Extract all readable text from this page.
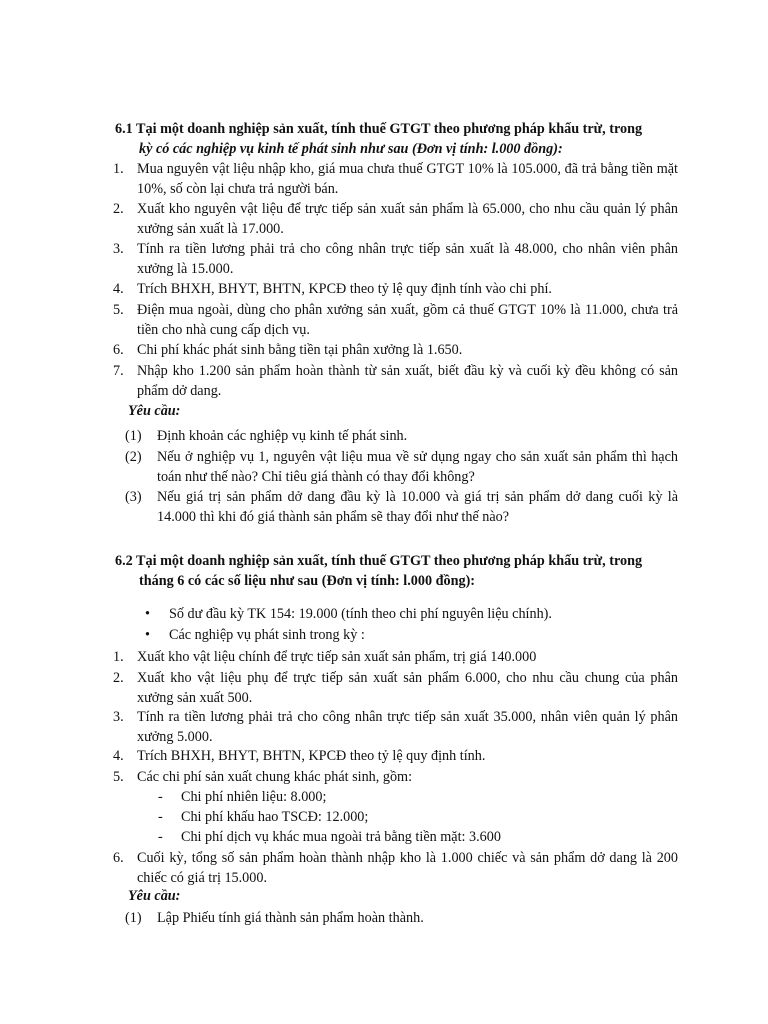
6.1 Tại một doanh nghiệp sản xuất, tính thuế GTGT theo phương pháp khấu trừ, trong
kỳ có các nghiệp vụ kinh tế phát sinh như sau (Đơn vị tính: l.000 đồng):
1. Mua nguyên vật liệu nhập kho, giá mua chưa thuế GTGT 10% là 105.000, đã trả bằng tiền mặt 10%, số còn lại chưa trả người bán.
2. Xuất kho nguyên vật liệu để trực tiếp sản xuất sản phẩm là 65.000, cho nhu cầu quản lý phân xưởng sản xuất là 17.000.
3. Tính ra tiền lương phải trả cho công nhân trực tiếp sản xuất là 48.000, cho nhân viên phân xưởng là 15.000.
4. Trích BHXH, BHYT, BHTN, KPCĐ theo tỷ lệ quy định tính vào chi phí.
5. Điện mua ngoài, dùng cho phân xưởng sản xuất, gồm cả thuế GTGT 10% là 11.000, chưa trả tiền cho nhà cung cấp dịch vụ.
6. Chi phí khác phát sinh bằng tiền tại phân xưởng là 1.650.
7. Nhập kho 1.200 sản phẩm hoàn thành từ sản xuất, biết đầu kỳ và cuối kỳ đều không có sản phẩm dở dang.
Yêu cầu:
(1) Định khoản các nghiệp vụ kinh tế phát sinh.
(2) Nếu ở nghiệp vụ 1, nguyên vật liệu mua về sử dụng ngay cho sản xuất sản phẩm thì hạch toán như thế nào? Chỉ tiêu giá thành có thay đổi không?
(3) Nếu giá trị sản phẩm dở dang đầu kỳ là 10.000 và giá trị sản phẩm dở dang cuối kỳ là 14.000 thì khi đó giá thành sản phẩm sẽ thay đổi như thế nào?
6.2 Tại một doanh nghiệp sản xuất, tính thuế GTGT theo phương pháp khấu trừ, trong
tháng 6 có các số liệu như sau (Đơn vị tính: l.000 đồng):
• Số dư đầu kỳ TK 154: 19.000 (tính theo chi phí nguyên liệu chính).
• Các nghiệp vụ phát sinh trong kỳ :
1. Xuất kho vật liệu chính để trực tiếp sản xuất sản phẩm, trị giá 140.000
2. Xuất kho vật liệu phụ để trực tiếp sản xuất sản phẩm 6.000, cho nhu cầu chung của phân xưởng sản xuất 500.
3. Tính ra tiền lương phải trả cho công nhân trực tiếp sản xuất 35.000, nhân viên quản lý phân xưởng 5.000.
4. Trích BHXH, BHYT, BHTN, KPCĐ theo tỷ lệ quy định tính.
5. Các chi phí sản xuất chung khác phát sinh, gồm:
- Chi phí nhiên liệu: 8.000;
- Chi phí khấu hao TSCĐ: 12.000;
- Chi phí dịch vụ khác mua ngoài trả bằng tiền mặt: 3.600
6. Cuối kỳ, tổng số sản phẩm hoàn thành nhập kho là 1.000 chiếc và sản phẩm dở dang là 200 chiếc có giá trị 15.000.
Yêu cầu:
(1) Lập Phiếu tính giá thành sản phẩm hoàn thành.
